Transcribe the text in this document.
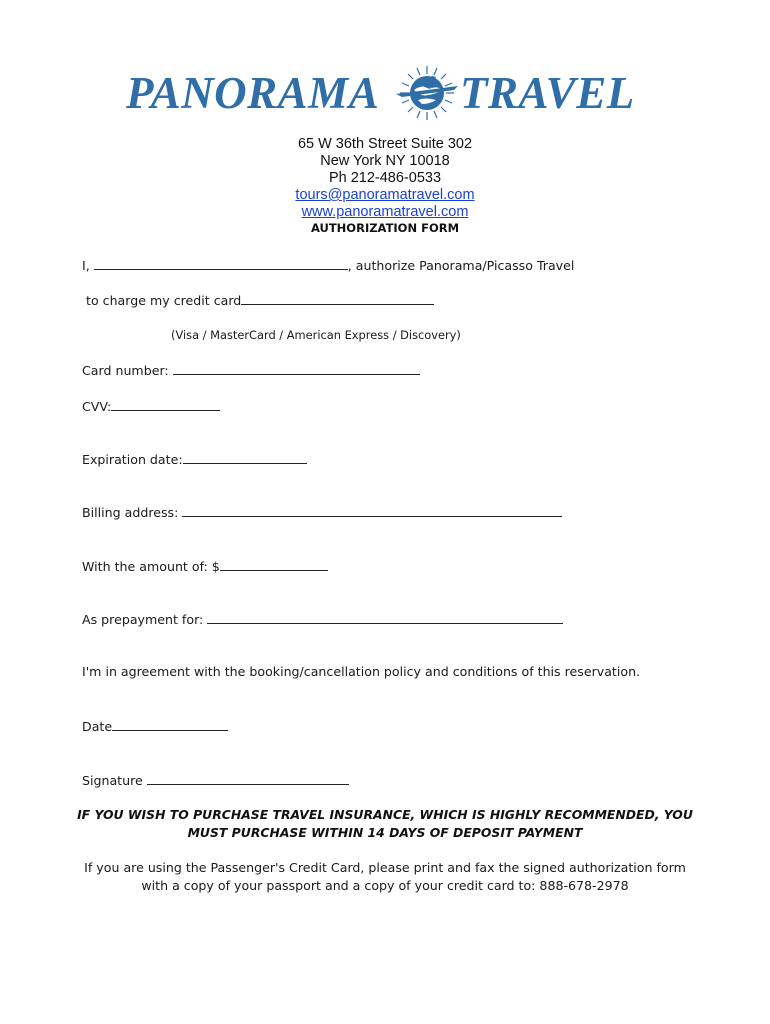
PANORAMA TRAVEL
65 W 36th Street Suite 302
New York NY 10018
Ph 212-486-0533
tours@panoramatravel.com
www.panoramatravel.com
AUTHORIZATION FORM
I,	, authorize Panorama/Picasso Travel
to charge my credit card
(Visa / MasterCard / American Express / Discovery)
Card number:
CVV:
Expiration date:
Billing address:
With the amount of: $
As prepayment for:
I'm in agreement with the booking/cancellation policy and conditions of this reservation.
Date
Signature
IF YOU WISH TO PURCHASE TRAVEL INSURANCE, WHICH IS HIGHLY RECOMMENDED, YOU
MUST PURCHASE WITHIN 14 DAYS OF DEPOSIT PAYMENT
If you are using the Passenger's Credit Card, please print and fax the signed authorization form
with a copy of your passport and a copy of your credit card to: 888-678-2978
